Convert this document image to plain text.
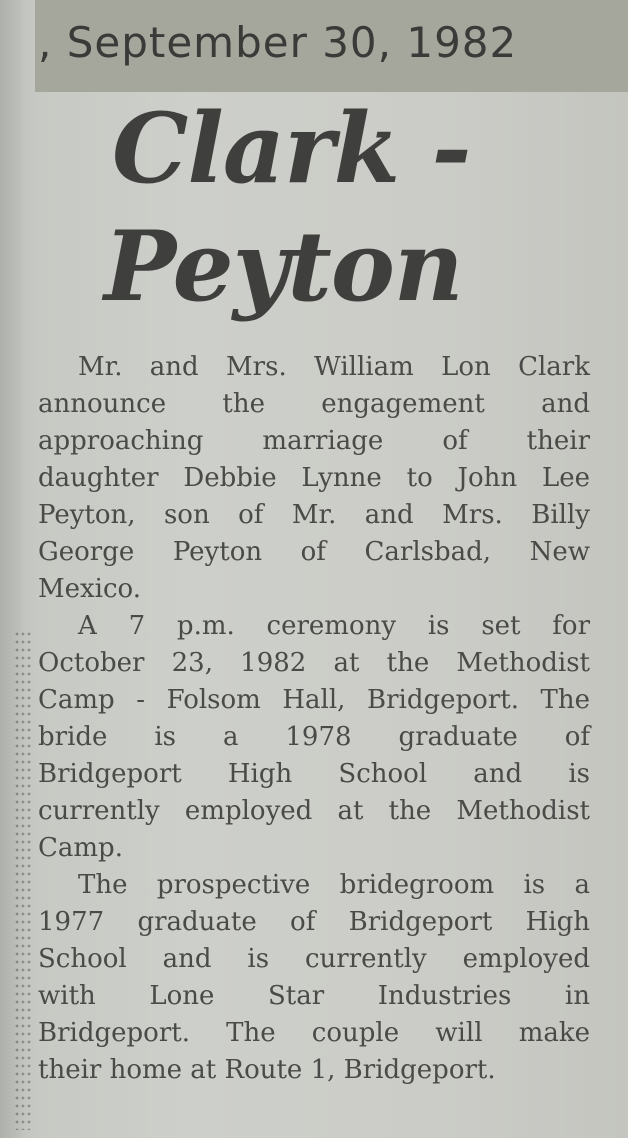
, September 30, 1982
Clark -
Peyton

Mr. and Mrs. William Lon Clark
announce the engagement and
approaching marriage of their
daughter Debbie Lynne to John Lee
Peyton, son of Mr. and Mrs. Billy
George Peyton of Carlsbad, New
Mexico.

A 7 p.m. ceremony is set for
October 23, 1982 at the Methodist
Camp - Folsom Hall, Bridgeport. The
bride is a 1978 graduate of
Bridgeport High School and is
currently employed at the Methodist
Camp.

The prospective bridegroom is a
1977 graduate of Bridgeport High
School and is currently employed
with Lone Star Industries in
Bridgeport. The couple will make
their home at Route 1, Bridgeport.
